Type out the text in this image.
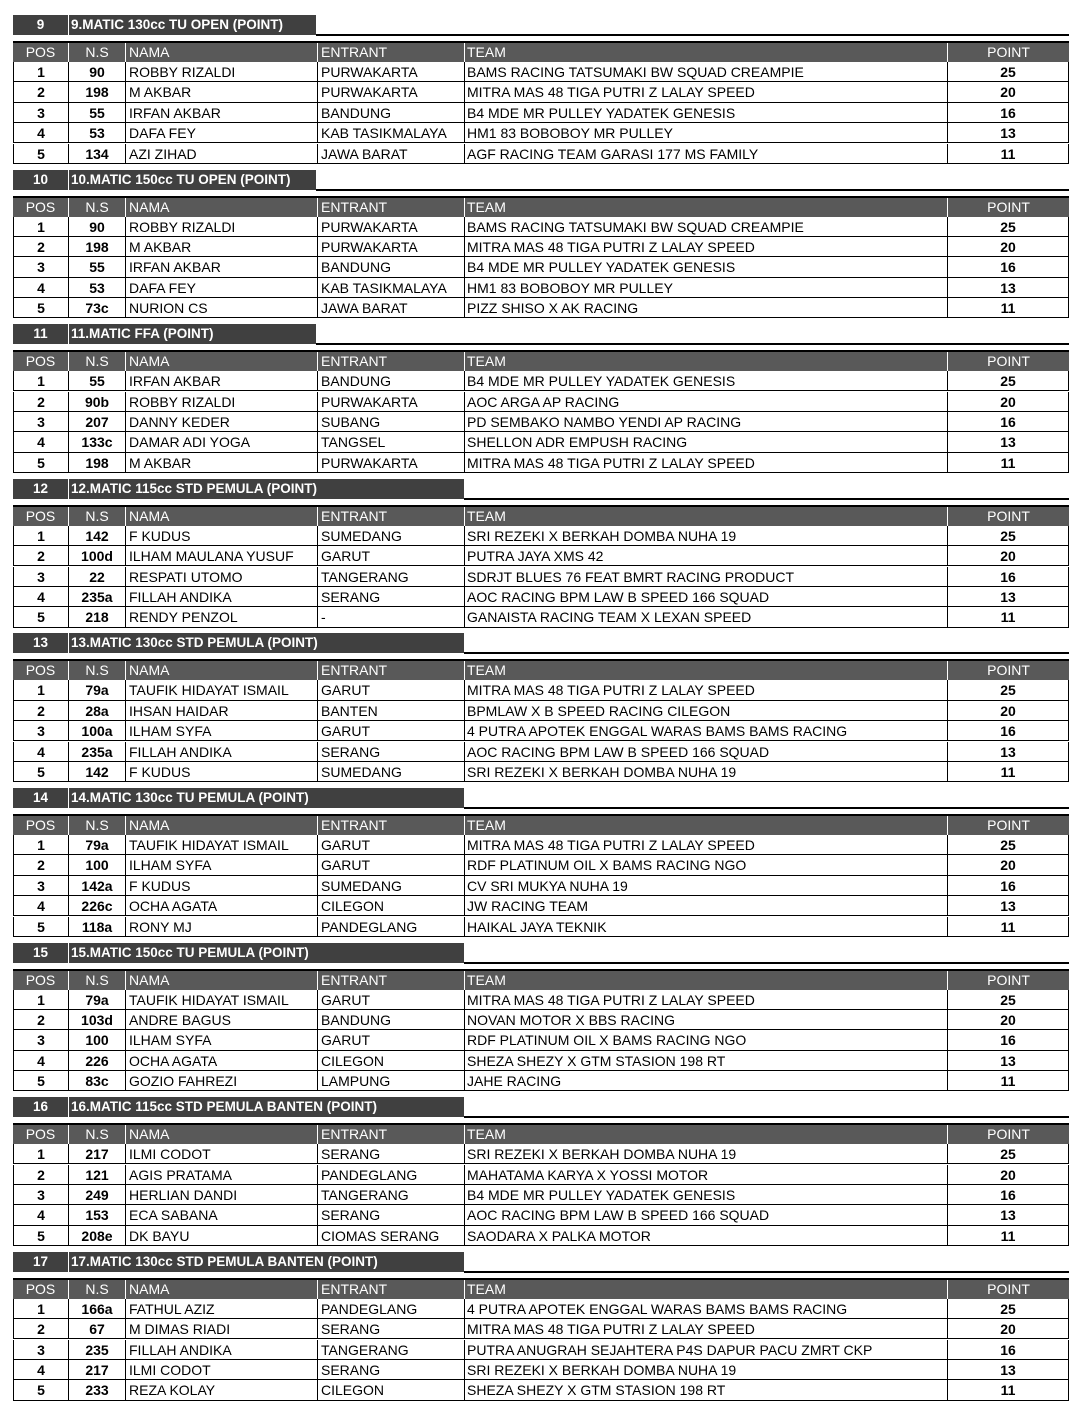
9	9.MATIC 130cc TU OPEN (POINT)
POS	N.S	NAMA	ENTRANT	TEAM	POINT
1	90	ROBBY RIZALDI	PURWAKARTA	BAMS RACING TATSUMAKI BW SQUAD CREAMPIE	25
2	198	M AKBAR	PURWAKARTA	MITRA MAS 48 TIGA PUTRI Z LALAY SPEED	20
3	55	IRFAN AKBAR	BANDUNG	B4 MDE MR PULLEY YADATEK GENESIS	16
4	53	DAFA FEY	KAB TASIKMALAYA	HM1 83 BOBOBOY MR PULLEY	13
5	134	AZI ZIHAD	JAWA BARAT	AGF RACING TEAM GARASI 177 MS FAMILY	11
10	10.MATIC 150cc TU OPEN (POINT)
POS	N.S	NAMA	ENTRANT	TEAM	POINT
1	90	ROBBY RIZALDI	PURWAKARTA	BAMS RACING TATSUMAKI BW SQUAD CREAMPIE	25
2	198	M AKBAR	PURWAKARTA	MITRA MAS 48 TIGA PUTRI Z LALAY SPEED	20
3	55	IRFAN AKBAR	BANDUNG	B4 MDE MR PULLEY YADATEK GENESIS	16
4	53	DAFA FEY	KAB TASIKMALAYA	HM1 83 BOBOBOY MR PULLEY	13
5	73c	NURION CS	JAWA BARAT	PIZZ SHISO X AK RACING	11
11	11.MATIC FFA (POINT)
POS	N.S	NAMA	ENTRANT	TEAM	POINT
1	55	IRFAN AKBAR	BANDUNG	B4 MDE MR PULLEY YADATEK GENESIS	25
2	90b	ROBBY RIZALDI	PURWAKARTA	AOC ARGA AP RACING	20
3	207	DANNY KEDER	SUBANG	PD SEMBAKO NAMBO YENDI AP RACING	16
4	133c	DAMAR ADI YOGA	TANGSEL	SHELLON ADR EMPUSH RACING	13
5	198	M AKBAR	PURWAKARTA	MITRA MAS 48 TIGA PUTRI Z LALAY SPEED	11
12	12.MATIC 115cc STD PEMULA (POINT)
POS	N.S	NAMA	ENTRANT	TEAM	POINT
1	142	F KUDUS	SUMEDANG	SRI REZEKI X BERKAH DOMBA NUHA 19	25
2	100d	ILHAM MAULANA YUSUF	GARUT	PUTRA JAYA XMS 42	20
3	22	RESPATI UTOMO	TANGERANG	SDRJT BLUES 76 FEAT BMRT RACING PRODUCT	16
4	235a	FILLAH ANDIKA	SERANG	AOC RACING BPM LAW B SPEED 166 SQUAD	13
5	218	RENDY PENZOL	-	GANAISTA RACING TEAM X LEXAN SPEED	11
13	13.MATIC 130cc STD PEMULA (POINT)
POS	N.S	NAMA	ENTRANT	TEAM	POINT
1	79a	TAUFIK HIDAYAT ISMAIL	GARUT	MITRA MAS 48 TIGA PUTRI Z LALAY SPEED	25
2	28a	IHSAN HAIDAR	BANTEN	BPMLAW X B SPEED RACING CILEGON	20
3	100a	ILHAM SYFA	GARUT	4 PUTRA APOTEK ENGGAL WARAS BAMS BAMS RACING	16
4	235a	FILLAH ANDIKA	SERANG	AOC RACING BPM LAW B SPEED 166 SQUAD	13
5	142	F KUDUS	SUMEDANG	SRI REZEKI X BERKAH DOMBA NUHA 19	11
14	14.MATIC 130cc TU PEMULA (POINT)
POS	N.S	NAMA	ENTRANT	TEAM	POINT
1	79a	TAUFIK HIDAYAT ISMAIL	GARUT	MITRA MAS 48 TIGA PUTRI Z LALAY SPEED	25
2	100	ILHAM SYFA	GARUT	RDF PLATINUM OIL X BAMS RACING NGO	20
3	142a	F KUDUS	SUMEDANG	CV SRI MUKYA NUHA 19	16
4	226c	OCHA AGATA	CILEGON	JW RACING TEAM	13
5	118a	RONY MJ	PANDEGLANG	HAIKAL JAYA TEKNIK	11
15	15.MATIC 150cc TU PEMULA (POINT)
POS	N.S	NAMA	ENTRANT	TEAM	POINT
1	79a	TAUFIK HIDAYAT ISMAIL	GARUT	MITRA MAS 48 TIGA PUTRI Z LALAY SPEED	25
2	103d	ANDRE BAGUS	BANDUNG	NOVAN MOTOR X BBS RACING	20
3	100	ILHAM SYFA	GARUT	RDF PLATINUM OIL X BAMS RACING NGO	16
4	226	OCHA AGATA	CILEGON	SHEZA SHEZY X GTM STASION 198 RT	13
5	83c	GOZIO FAHREZI	LAMPUNG	JAHE RACING	11
16	16.MATIC 115cc STD PEMULA BANTEN (POINT)
POS	N.S	NAMA	ENTRANT	TEAM	POINT
1	217	ILMI CODOT	SERANG	SRI REZEKI X BERKAH DOMBA NUHA 19	25
2	121	AGIS PRATAMA	PANDEGLANG	MAHATAMA KARYA X YOSSI MOTOR	20
3	249	HERLIAN DANDI	TANGERANG	B4 MDE MR PULLEY YADATEK GENESIS	16
4	153	ECA SABANA	SERANG	AOC RACING BPM LAW B SPEED 166 SQUAD	13
5	208e	DK BAYU	CIOMAS SERANG	SAODARA X PALKA MOTOR	11
17	17.MATIC 130cc STD PEMULA BANTEN (POINT)
POS	N.S	NAMA	ENTRANT	TEAM	POINT
1	166a	FATHUL AZIZ	PANDEGLANG	4 PUTRA APOTEK ENGGAL WARAS BAMS BAMS RACING	25
2	67	M DIMAS RIADI	SERANG	MITRA MAS 48 TIGA PUTRI Z LALAY SPEED	20
3	235	FILLAH ANDIKA	TANGERANG	PUTRA ANUGRAH SEJAHTERA P4S DAPUR PACU ZMRT CKP	16
4	217	ILMI CODOT	SERANG	SRI REZEKI X BERKAH DOMBA NUHA 19	13
5	233	REZA KOLAY	CILEGON	SHEZA SHEZY X GTM STASION 198 RT	11
